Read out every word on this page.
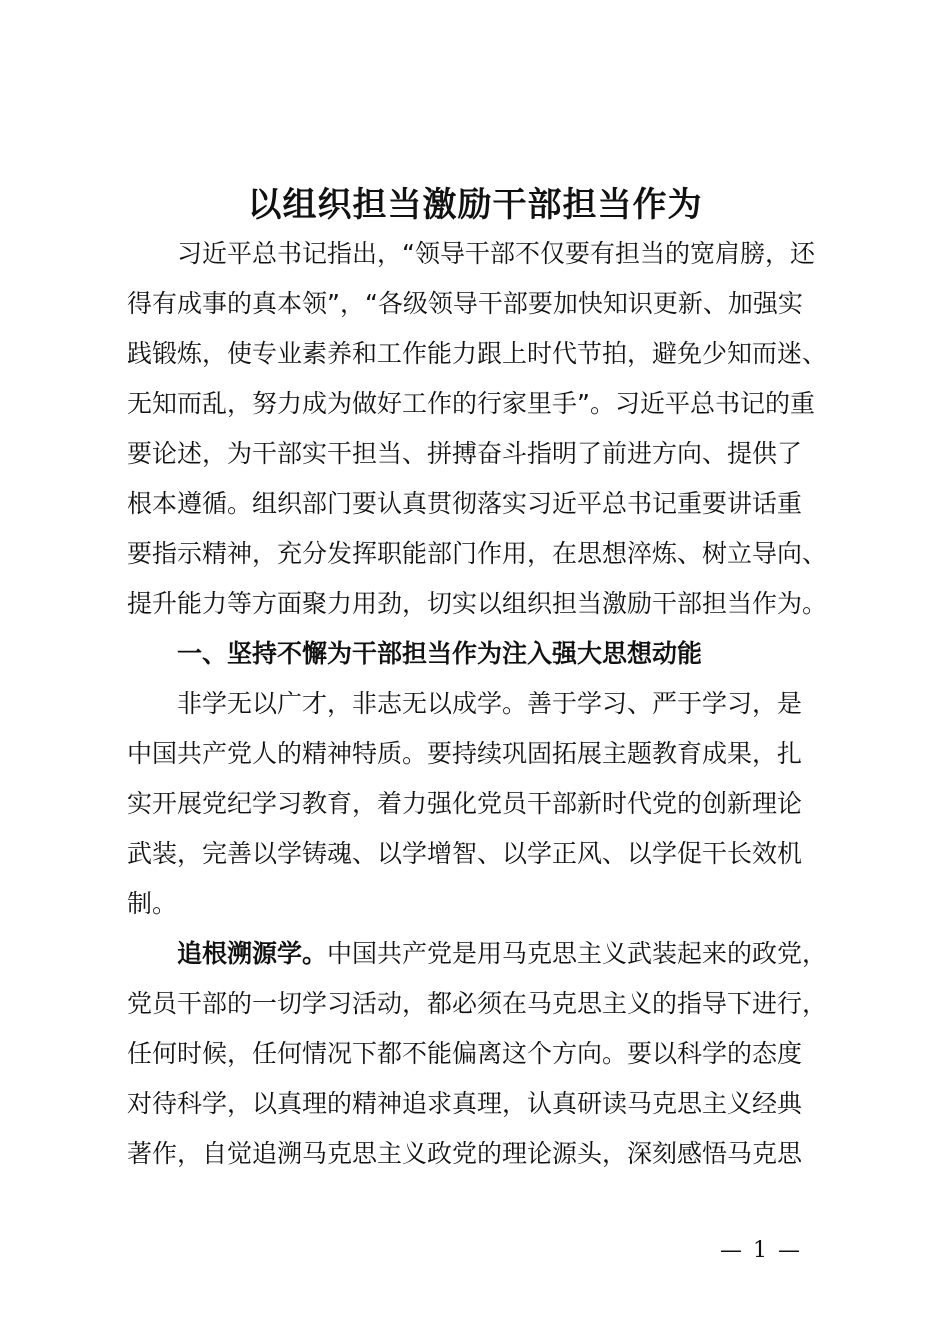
以组织担当激励干部担当作为
习近平总书记指出，“领导干部不仅要有担当的宽肩膀，还
得有成事的真本领”，“各级领导干部要加快知识更新、加强实
践锻炼，使专业素养和工作能力跟上时代节拍，避免少知而迷、
无知而乱，努力成为做好工作的行家里手”。习近平总书记的重
要论述，为干部实干担当、拼搏奋斗指明了前进方向、提供了
根本遵循。组织部门要认真贯彻落实习近平总书记重要讲话重
要指示精神，充分发挥职能部门作用，在思想淬炼、树立导向、
提升能力等方面聚力用劲，切实以组织担当激励干部担当作为。
一、坚持不懈为干部担当作为注入强大思想动能
非学无以广才，非志无以成学。善于学习、严于学习，是
中国共产党人的精神特质。要持续巩固拓展主题教育成果，扎
实开展党纪学习教育，着力强化党员干部新时代党的创新理论
武装，完善以学铸魂、以学增智、以学正风、以学促干长效机
制。
追根溯源学。中国共产党是用马克思主义武装起来的政党，
党员干部的一切学习活动，都必须在马克思主义的指导下进行，
任何时候，任何情况下都不能偏离这个方向。要以科学的态度
对待科学，以真理的精神追求真理，认真研读马克思主义经典
著作，自觉追溯马克思主义政党的理论源头，深刻感悟马克思
— 1 —
